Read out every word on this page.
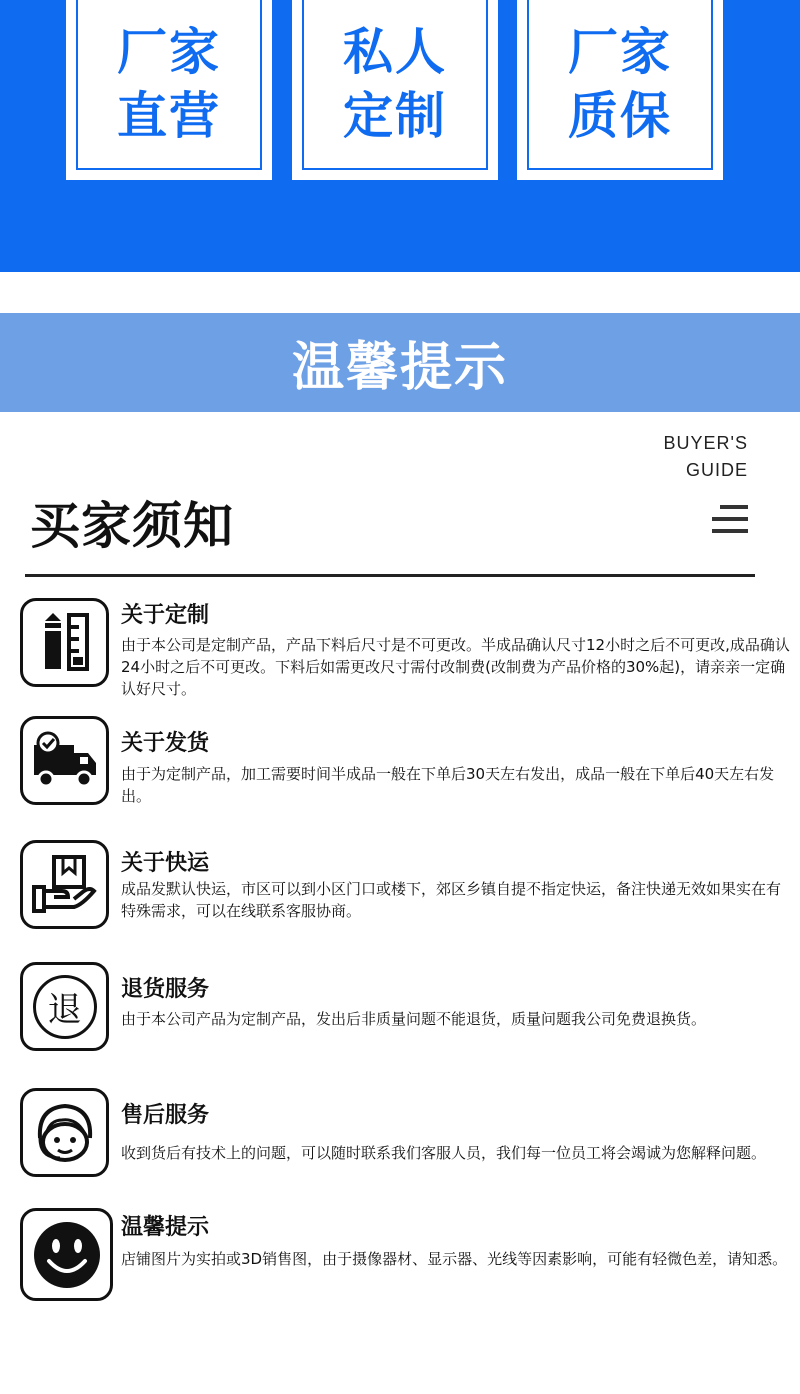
厂家
直营
私人
定制
厂家
质保
温馨提示
BUYER'S
GUIDE
买家须知
关于定制
由于本公司是定制产品，产品下料后尺寸是不可更改。半成品确认尺寸12小时之后不可更改,成品确认24小时之后不可更改。下料后如需更改尺寸需付改制费(改制费为产品价格的30%起)，请亲亲一定确认好尺寸。
关于发货
由于为定制产品，加工需要时间半成品一般在下单后30天左右发出，成品一般在下单后40天左右发出。
关于快运
成品发默认快运，市区可以到小区门口或楼下，郊区乡镇自提不指定快运，备注快递无效如果实在有特殊需求，可以在线联系客服协商。
退
退货服务
由于本公司产品为定制产品，发出后非质量问题不能退货，质量问题我公司免费退换货。
售后服务
收到货后有技术上的问题，可以随时联系我们客服人员，我们每一位员工将会竭诚为您解释问题。
温馨提示
店铺图片为实拍或3D销售图，由于摄像器材、显示器、光线等因素影响，可能有轻微色差，请知悉。
